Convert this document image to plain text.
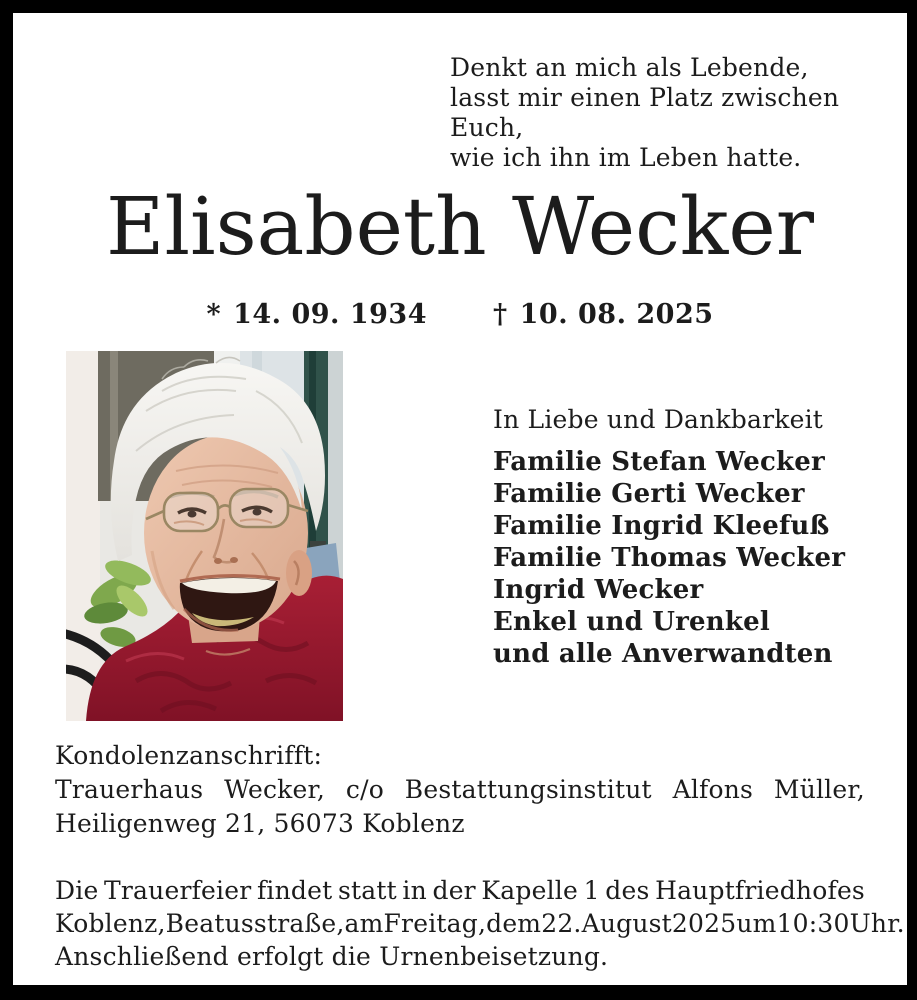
Denkt an mich als Lebende,
lasst mir einen Platz zwischen Euch,
wie ich ihn im Leben hatte.
Elisabeth Wecker
* 14. 09. 1934 † 10. 08. 2025
In Liebe und Dankbarkeit
Familie Stefan Wecker
Familie Gerti Wecker
Familie Ingrid Kleefuß
Familie Thomas Wecker
Ingrid Wecker
Enkel und Urenkel
und alle Anverwandten
Kondolenzanschrifft:
Trauerhaus Wecker, c/o Bestattungsinstitut Alfons Müller,
Heiligenweg 21, 56073 Koblenz
Die Trauerfeier findet statt in der Kapelle 1 des Hauptfriedhofes
Koblenz, Beatusstraße, am Freitag, dem 22. August 2025 um 10:30 Uhr.
Anschließend erfolgt die Urnenbeisetzung.
